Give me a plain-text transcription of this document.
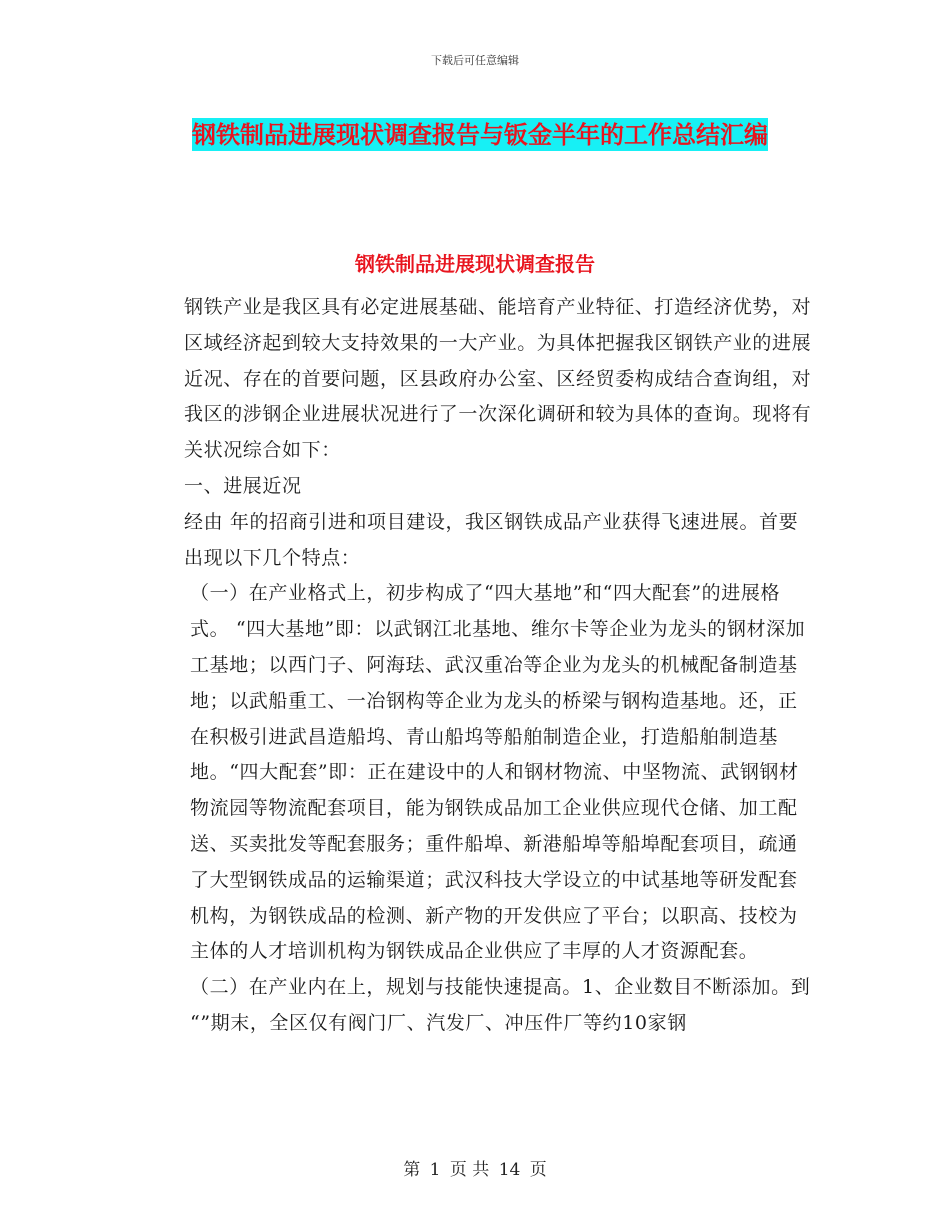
下载后可任意编辑
钢铁制品进展现状调查报告与钣金半年的工作总结汇编
钢铁制品进展现状调查报告

钢铁产业是我区具有必定进展基础、能培育产业特征、打造经济优势，对区域经济起到较大支持效果的一大产业。为具体把握我区钢铁产业的进展近况、存在的首要问题，区县政府办公室、区经贸委构成结合查询组，对我区的涉钢企业进展状况进行了一次深化调研和较为具体的查询。现将有关状况综合如下：

一、进展近况

经由 年的招商引进和项目建设，我区钢铁成品产业获得飞速进展。首要出现以下几个特点：

（一）在产业格式上，初步构成了“四大基地”和“四大配套”的进展格式。 “四大基地”即：以武钢江北基地、维尔卡等企业为龙头的钢材深加工基地；以西门子、阿海珐、武汉重冶等企业为龙头的机械配备制造基地；以武船重工、一冶钢构等企业为龙头的桥梁与钢构造基地。还，正在积极引进武昌造船坞、青山船坞等船舶制造企业，打造船舶制造基地。“四大配套”即：正在建设中的人和钢材物流、中坚物流、武钢钢材物流园等物流配套项目，能为钢铁成品加工企业供应现代仓储、加工配送、买卖批发等配套服务；重件船埠、新港船埠等船埠配套项目，疏通了大型钢铁成品的运输渠道；武汉科技大学设立的中试基地等研发配套机构，为钢铁成品的检测、新产物的开发供应了平台；以职高、技校为主体的人才培训机构为钢铁成品企业供应了丰厚的人才资源配套。

（二）在产业内在上，规划与技能快速提高。1、企业数目不断添加。到 “”期末，全区仅有阀门厂、汽发厂、冲压件厂等约10家钢

第 1 页 共 14 页
